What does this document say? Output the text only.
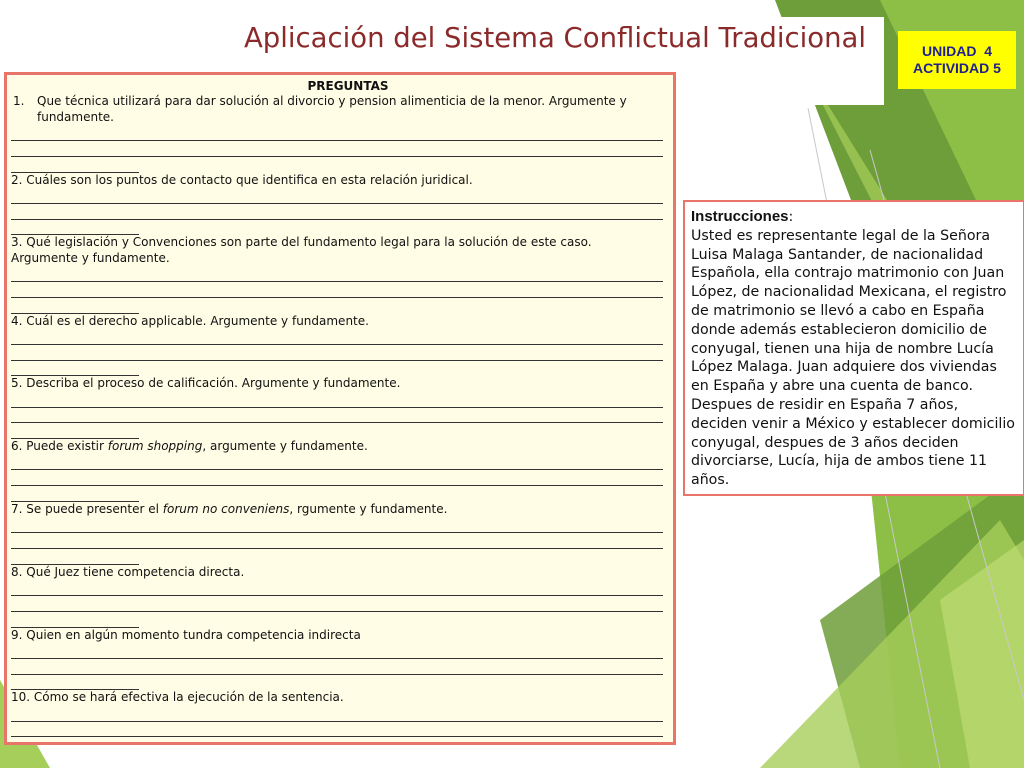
Aplicación del Sistema Conflictual Tradicional	UNIDAD  4
ACTIVIDAD 5
PREGUNTAS
1.	Que técnica utilizará para dar solución al divorcio y pension alimenticia de la menor. Argumente y fundamente.
2. Cuáles son los puntos de contacto que identifica en esta relación juridical.
3. Qué legislación y Convenciones son parte del fundamento legal para la solución de este caso. Argumente y fundamente.
4. Cuál es el derecho applicable. Argumente y fundamente.
5. Describa el proceso de calificación. Argumente y fundamente.
6. Puede existir forum shopping, argumente y fundamente.
7. Se puede presenter el forum no conveniens, rgumente y fundamente.
8. Qué Juez tiene competencia directa.
9. Quien en algún momento tundra competencia indirecta
10. Cómo se hará efectiva la ejecución de la sentencia.
Instrucciones:
Usted es representante legal de la Señora Luisa Malaga Santander, de nacionalidad Española, ella contrajo matrimonio con Juan López, de nacionalidad Mexicana, el registro de matrimonio se llevó a cabo en España donde además establecieron domicilio de conyugal, tienen una hija de nombre Lucía López Malaga. Juan adquiere dos viviendas en España y abre una cuenta de banco.
Despues de residir en España 7 años, deciden venir a México y establecer domicilio conyugal, despues de 3 años deciden divorciarse, Lucía, hija de ambos tiene 11 años.
